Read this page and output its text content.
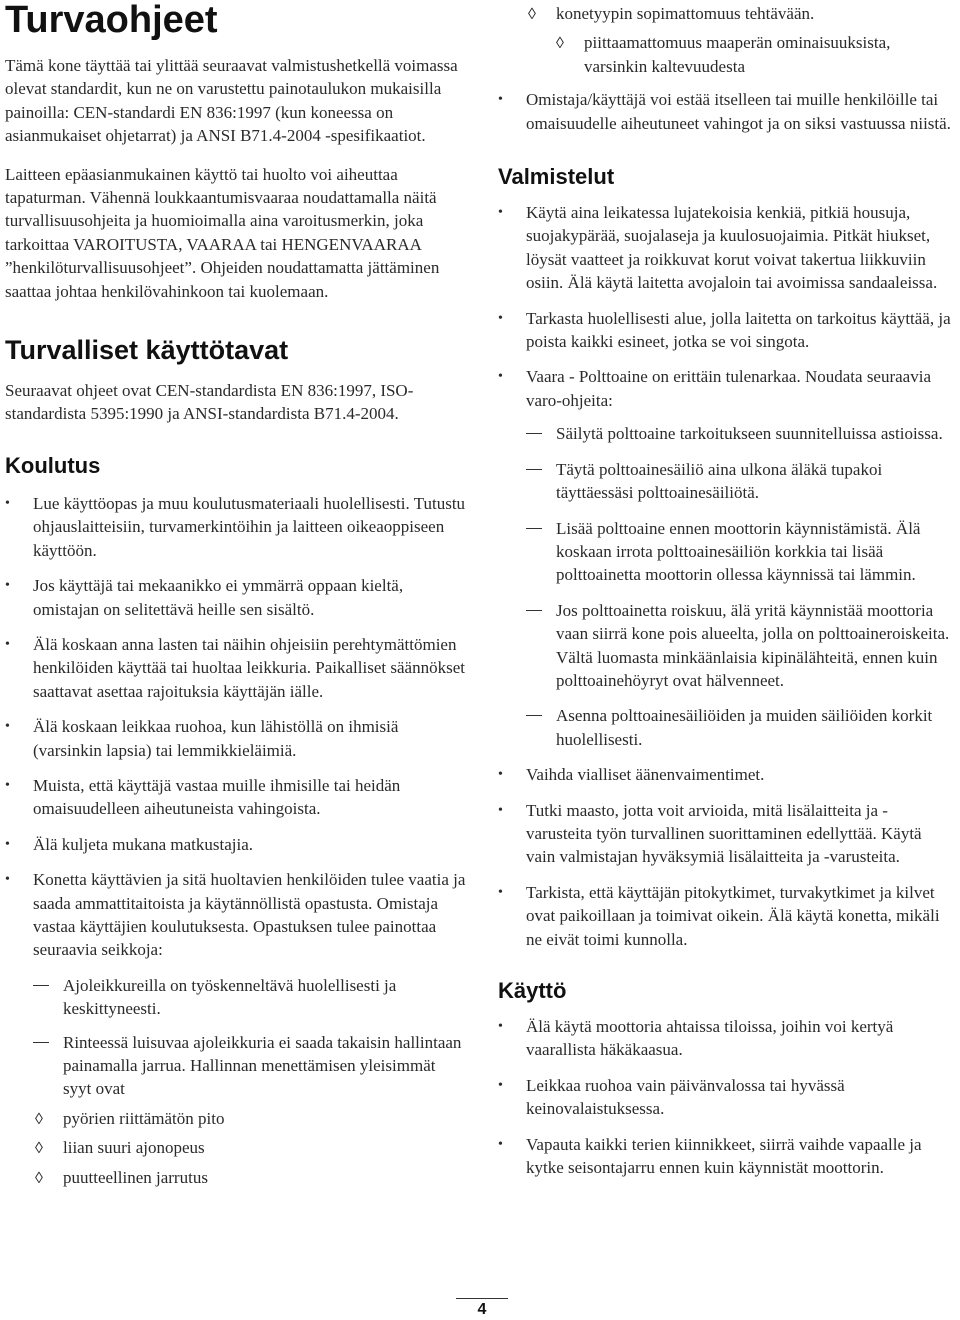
Turvaohjeet

Tämä kone täyttää tai ylittää seuraavat valmistushetkellä voimassa olevat standardit, kun ne on varustettu painotaulukon mukaisilla painoilla: CEN-standardi EN 836:1997 (kun koneessa on asianmukaiset ohjetarrat) ja ANSI B71.4-2004 -spesifikaatiot.

Laitteen epäasianmukainen käyttö tai huolto voi aiheuttaa tapaturman. Vähennä loukkaantumisvaaraa noudattamalla näitä turvallisuusohjeita ja huomioimalla aina varoitusmerkin, joka tarkoittaa VAROITUSTA, VAARAA tai HENGENVAARAA ”henkilöturvallisuusohjeet”. Ohjeiden noudattamatta jättäminen saattaa johtaa henkilövahinkoon tai kuolemaan.

Turvalliset käyttötavat

Seuraavat ohjeet ovat CEN-standardista EN 836:1997, ISO-standardista 5395:1990 ja ANSI-standardista B71.4-2004.

Koulutus
•	Lue käyttöopas ja muu koulutusmateriaali huolellisesti. Tutustu ohjauslaitteisiin, turvamerkintöihin ja laitteen oikeaoppiseen käyttöön.
•	Jos käyttäjä tai mekaanikko ei ymmärrä oppaan kieltä, omistajan on selitettävä heille sen sisältö.
•	Älä koskaan anna lasten tai näihin ohjeisiin perehtymättömien henkilöiden käyttää tai huoltaa leikkuria. Paikalliset säännökset saattavat asettaa rajoituksia käyttäjän iälle.
•	Älä koskaan leikkaa ruohoa, kun lähistöllä on ihmisiä (varsinkin lapsia) tai lemmikkieläimiä.
•	Muista, että käyttäjä vastaa muille ihmisille tai heidän omaisuudelleen aiheutuneista vahingoista.
•	Älä kuljeta mukana matkustajia.
•	Konetta käyttävien ja sitä huoltavien henkilöiden tulee vaatia ja saada ammattitaitoista ja käytännöllistä opastusta. Omistaja vastaa käyttäjien koulutuksesta. Opastuksen tulee painottaa seuraavia seikkoja:
Ajoleikkureilla on työskenneltävä huolellisesti ja keskittyneesti.
Rinteessä luisuvaa ajoleikkuria ei saada takaisin hallintaan painamalla jarrua. Hallinnan menettämisen yleisimmät syyt ovat
◊	pyörien riittämätön pito
◊	liian suuri ajonopeus
◊	puutteellinen jarrutus
◊	konetyypin sopimattomuus tehtävään.
◊	piittaamattomuus maaperän ominaisuuksista, varsinkin kaltevuudesta
•	Omistaja/käyttäjä voi estää itselleen tai muille henkilöille tai omaisuudelle aiheutuneet vahingot ja on siksi vastuussa niistä.
Valmistelut
•	Käytä aina leikatessa lujatekoisia kenkiä, pitkiä housuja, suojakypärää, suojalaseja ja kuulosuojaimia. Pitkät hiukset, löysät vaatteet ja roikkuvat korut voivat takertua liikkuviin osiin. Älä käytä laitetta avojaloin tai avoimissa sandaaleissa.
•	Tarkasta huolellisesti alue, jolla laitetta on tarkoitus käyttää, ja poista kaikki esineet, jotka se voi singota.
•	Vaara - Polttoaine on erittäin tulenarkaa. Noudata seuraavia varo-ohjeita:
Säilytä polttoaine tarkoitukseen suunnitelluissa astioissa.
Täytä polttoainesäiliö aina ulkona äläkä tupakoi täyttäessäsi polttoainesäiliötä.
Lisää polttoaine ennen moottorin käynnistämistä. Älä koskaan irrota polttoainesäiliön korkkia tai lisää polttoainetta moottorin ollessa käynnissä tai lämmin.
Jos polttoainetta roiskuu, älä yritä käynnistää moottoria vaan siirrä kone pois alueelta, jolla on polttoaineroiskeita. Vältä luomasta minkäänlaisia kipinälähteitä, ennen kuin polttoainehöyryt ovat hälvenneet.
Asenna polttoainesäiliöiden ja muiden säiliöiden korkit huolellisesti.
•	Vaihda vialliset äänenvaimentimet.
•	Tutki maasto, jotta voit arvioida, mitä lisälaitteita ja -varusteita työn turvallinen suorittaminen edellyttää. Käytä vain valmistajan hyväksymiä lisälaitteita ja -varusteita.
•	Tarkista, että käyttäjän pitokytkimet, turvakytkimet ja kilvet ovat paikoillaan ja toimivat oikein. Älä käytä konetta, mikäli ne eivät toimi kunnolla.
Käyttö
•	Älä käytä moottoria ahtaissa tiloissa, joihin voi kertyä vaarallista häkäkaasua.
•	Leikkaa ruohoa vain päivänvalossa tai hyvässä keinovalaistuksessa.
•	Vapauta kaikki terien kiinnikkeet, siirrä vaihde vapaalle ja kytke seisontajarru ennen kuin käynnistät moottorin.
4
